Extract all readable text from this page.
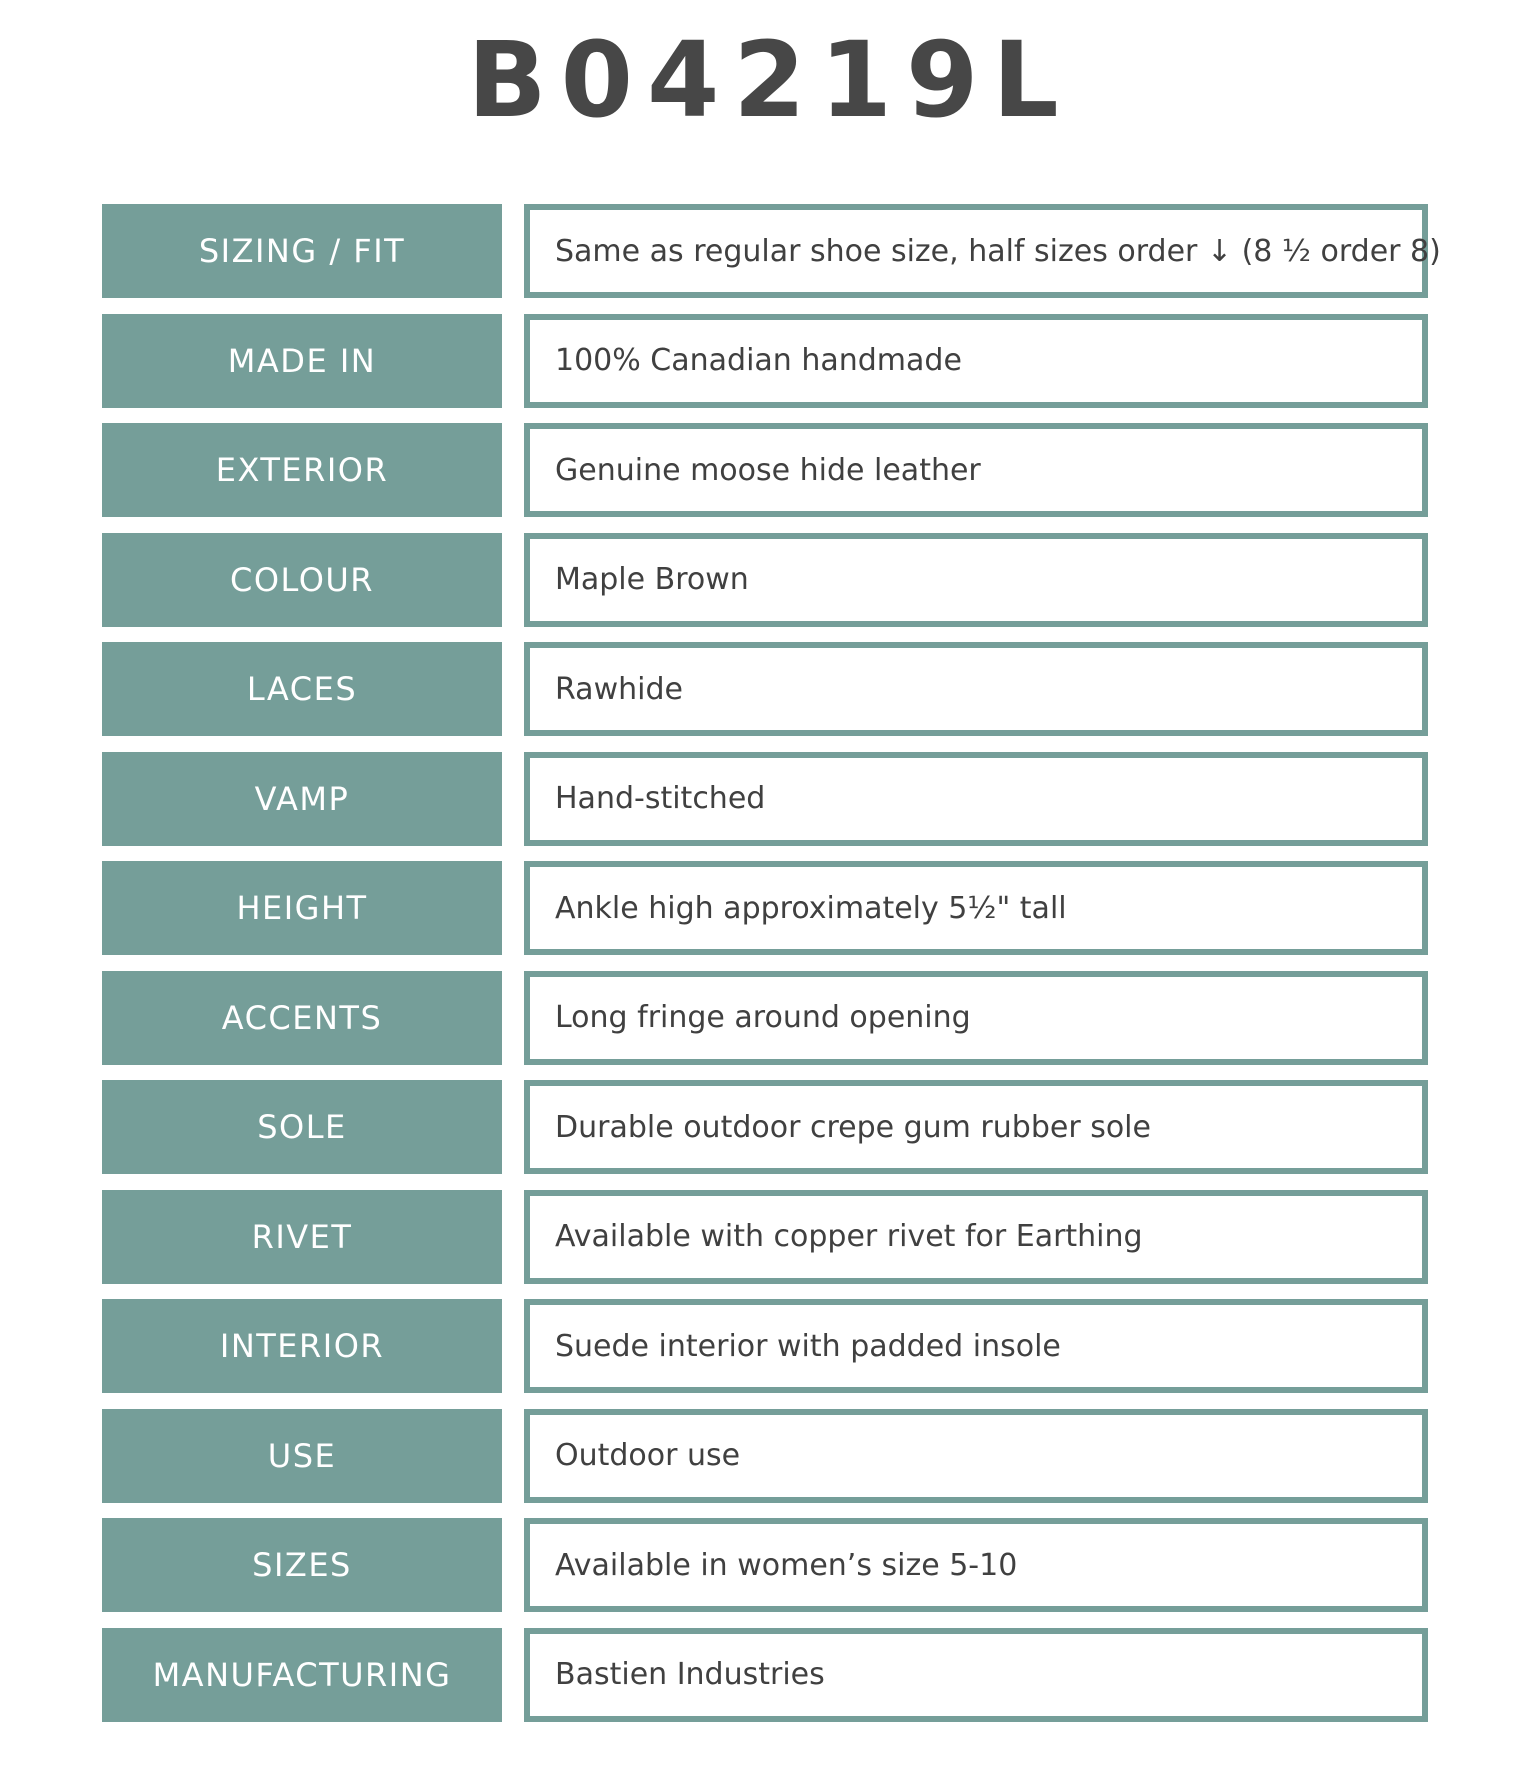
B04219L
SIZING / FIT	Same as regular shoe size, half sizes order ↓ (8 ½ order 8)
MADE IN	100% Canadian handmade
EXTERIOR	Genuine moose hide leather
COLOUR	Maple Brown
LACES	Rawhide
VAMP	Hand-stitched
HEIGHT	Ankle high approximately 5½" tall
ACCENTS	Long fringe around opening
SOLE	Durable outdoor crepe gum rubber sole
RIVET	Available with copper rivet for Earthing
INTERIOR	Suede interior with padded insole
USE	Outdoor use
SIZES	Available in women’s size 5-10
MANUFACTURING	Bastien Industries
